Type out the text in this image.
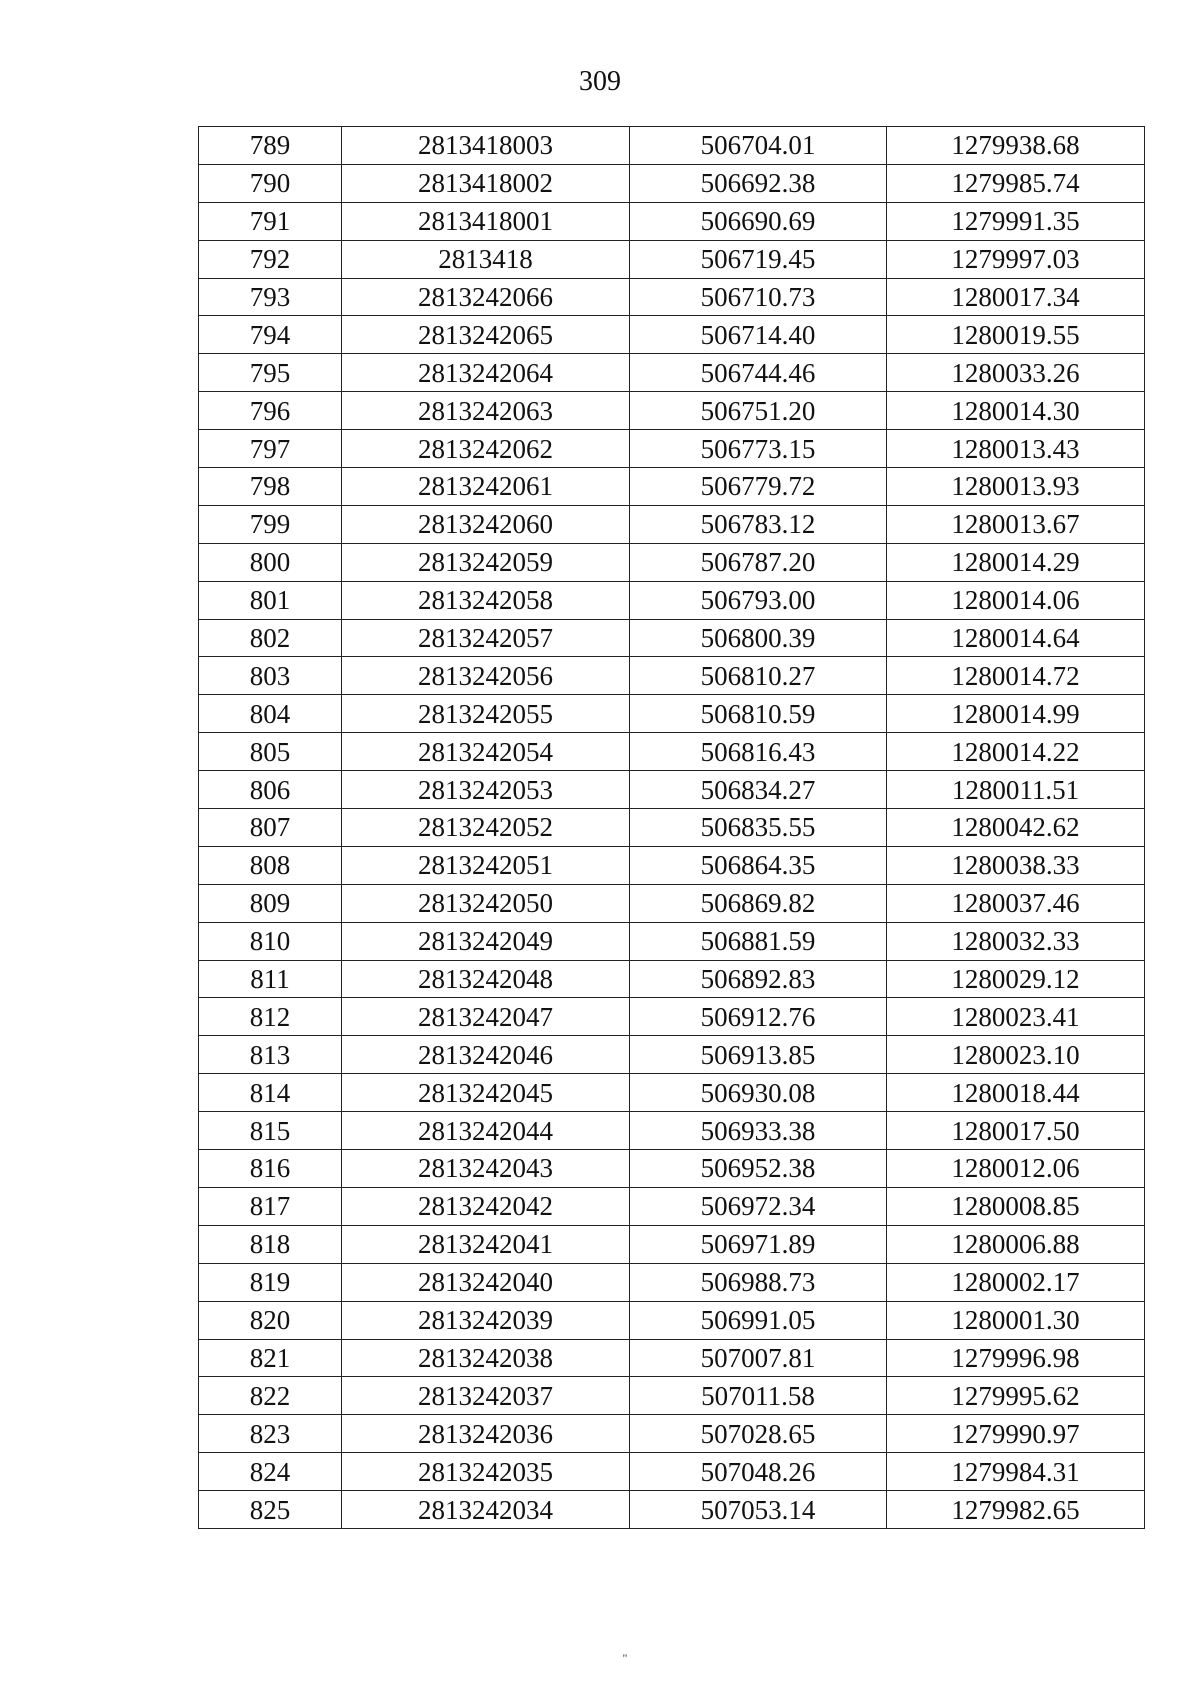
309
789	2813418003	506704.01	1279938.68
790	2813418002	506692.38	1279985.74
791	2813418001	506690.69	1279991.35
792	2813418	506719.45	1279997.03
793	2813242066	506710.73	1280017.34
794	2813242065	506714.40	1280019.55
795	2813242064	506744.46	1280033.26
796	2813242063	506751.20	1280014.30
797	2813242062	506773.15	1280013.43
798	2813242061	506779.72	1280013.93
799	2813242060	506783.12	1280013.67
800	2813242059	506787.20	1280014.29
801	2813242058	506793.00	1280014.06
802	2813242057	506800.39	1280014.64
803	2813242056	506810.27	1280014.72
804	2813242055	506810.59	1280014.99
805	2813242054	506816.43	1280014.22
806	2813242053	506834.27	1280011.51
807	2813242052	506835.55	1280042.62
808	2813242051	506864.35	1280038.33
809	2813242050	506869.82	1280037.46
810	2813242049	506881.59	1280032.33
811	2813242048	506892.83	1280029.12
812	2813242047	506912.76	1280023.41
813	2813242046	506913.85	1280023.10
814	2813242045	506930.08	1280018.44
815	2813242044	506933.38	1280017.50
816	2813242043	506952.38	1280012.06
817	2813242042	506972.34	1280008.85
818	2813242041	506971.89	1280006.88
819	2813242040	506988.73	1280002.17
820	2813242039	506991.05	1280001.30
821	2813242038	507007.81	1279996.98
822	2813242037	507011.58	1279995.62
823	2813242036	507028.65	1279990.97
824	2813242035	507048.26	1279984.31
825	2813242034	507053.14	1279982.65
"
